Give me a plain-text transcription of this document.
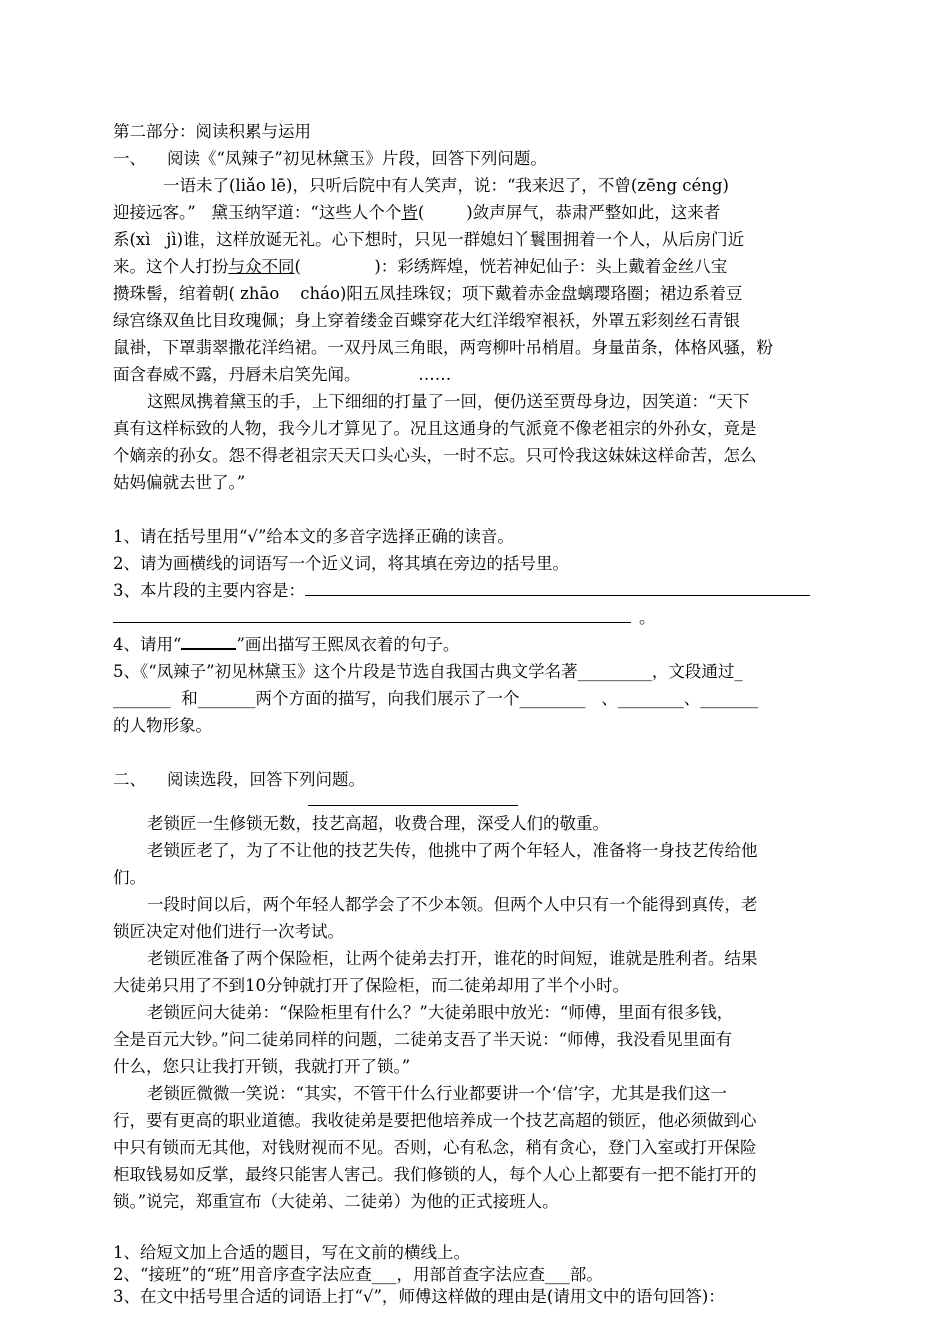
第二部分：阅读积累与运用
一、    阅读《“凤辣子”初见林黛玉》片段，回答下列问题。
一语未了(liǎo lē)，只听后院中有人笑声，说：“我来迟了，不曾(zēng céng)
迎接远客。”   黛玉纳罕道：“这些人个个皆(        )敛声屏气，恭肃严整如此，这来者
系(xì   jì)谁，这样放诞无礼。心下想时，只见一群媳妇丫鬟围拥着一个人，从后房门近
来。这个人打扮与众不同(              )：彩绣辉煌，恍若神妃仙子：头上戴着金丝八宝
攒珠髻，绾着朝( zhāo    cháo)阳五凤挂珠钗；项下戴着赤金盘螭璎珞圈；裙边系着豆
绿宫绦双鱼比目玫瑰佩；身上穿着缕金百蝶穿花大红洋缎窄裉袄，外罩五彩刻丝石青银
鼠褂，下罩翡翠撒花洋绉裙。一双丹凤三角眼，两弯柳叶吊梢眉。身量苗条，体格风骚，粉
面含春威不露，丹唇未启笑先闻。           ……
这熙凤携着黛玉的手，上下细细的打量了一回，便仍送至贾母身边，因笑道：“天下
真有这样标致的人物，我今儿才算见了。况且这通身的气派竟不像老祖宗的外孙女，竟是
个嫡亲的孙女。怨不得老祖宗天天口头心头，一时不忘。只可怜我这妹妹这样命苦，怎么
姑妈偏就去世了。”
1、请在括号里用“√”给本文的多音字选择正确的读音。
2、请为画横线的词语写一个近义词，将其填在旁边的括号里。
3、本片段的主要内容是：
。
4、请用“	”画出描写王熙凤衣着的句子。
5、《“凤辣子”初见林黛玉》这个片段是节选自我国古典文学名著_________，文段通过_
_______  和_______两个方面的描写，向我们展示了一个________   、________、_______
的人物形象。
二、    阅读选段，回答下列问题。
老锁匠一生修锁无数，技艺高超，收费合理，深受人们的敬重。
老锁匠老了，为了不让他的技艺失传，他挑中了两个年轻人，准备将一身技艺传给他
们。
一段时间以后，两个年轻人都学会了不少本领。但两个人中只有一个能得到真传，老
锁匠决定对他们进行一次考试。
老锁匠准备了两个保险柜，让两个徒弟去打开，谁花的时间短，谁就是胜利者。结果
大徒弟只用了不到10分钟就打开了保险柜，而二徒弟却用了半个小时。
老锁匠问大徒弟：“保险柜里有什么？”大徒弟眼中放光：“师傅，里面有很多钱，
全是百元大钞。”问二徒弟同样的问题，二徒弟支吾了半天说：“师傅，我没看见里面有
什么，您只让我打开锁，我就打开了锁。”
老锁匠微微一笑说：“其实，不管干什么行业都要讲一个‘信’字，尤其是我们这一
行，要有更高的职业道德。我收徒弟是要把他培养成一个技艺高超的锁匠，他必须做到心
中只有锁而无其他，对钱财视而不见。否则，心有私念，稍有贪心，登门入室或打开保险
柜取钱易如反掌，最终只能害人害己。我们修锁的人，每个人心上都要有一把不能打开的
锁。”说完，郑重宣布（大徒弟、二徒弟）为他的正式接班人。
1、给短文加上合适的题目，写在文前的横线上。
2、“接班”的“班”用音序查字法应查___，用部首查字法应查___部。
3、在文中括号里合适的词语上打“√”，师傅这样做的理由是(请用文中的语句回答)：
